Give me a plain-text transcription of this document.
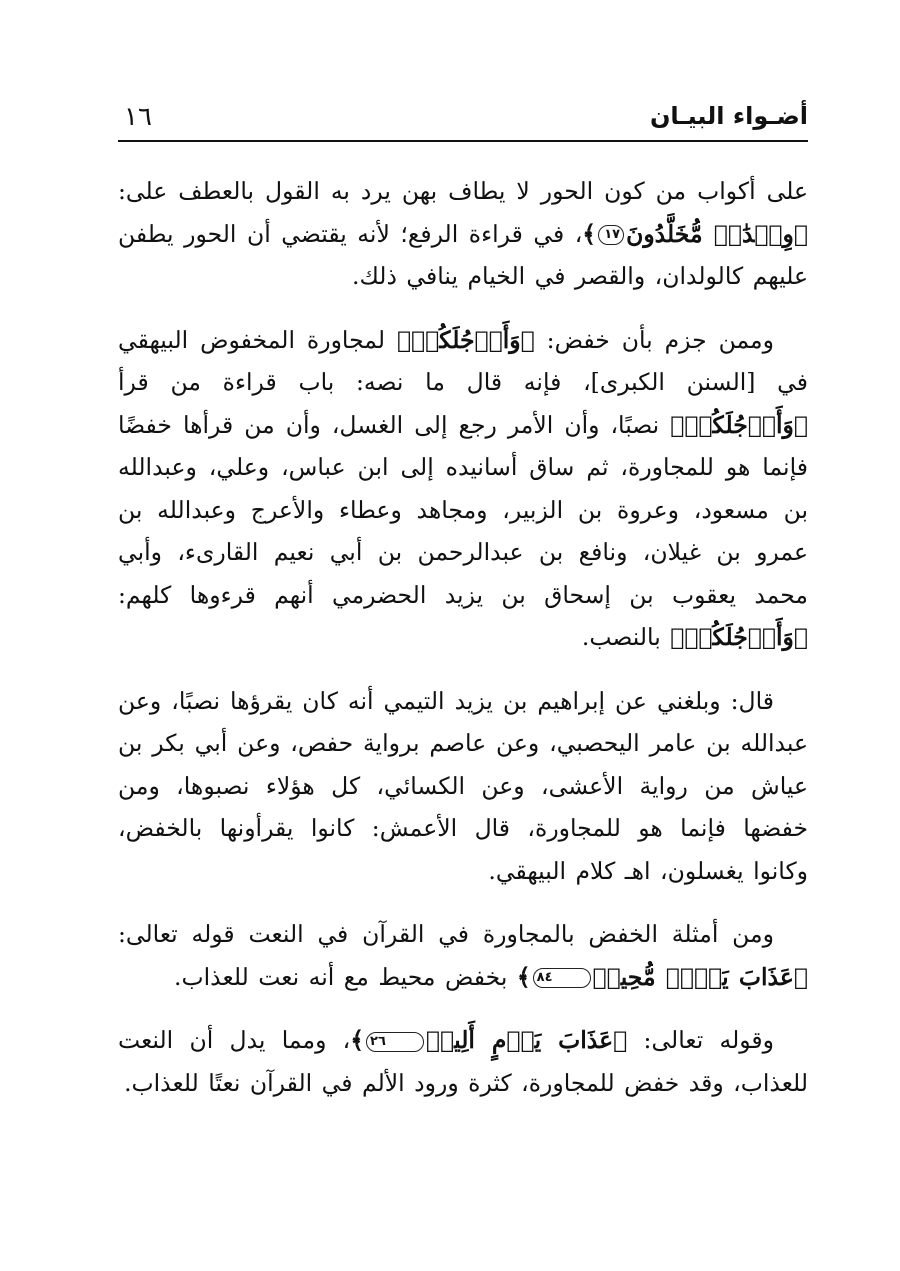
أضـواء البيـان
١٦

على أكواب من كون الحور لا يطاف بهن يرد به القول بالعطف على: ﴿وِلۡدَٰنٞ مُّخَلَّدُونَ١٧﴾، في قراءة الرفع؛ لأنه يقتضي أن الحور يطفن عليهم كالولدان، والقصر في الخيام ينافي ذلك.

وممن جزم بأن خفض: ﴿وَأَرۡجُلَكُمۡ﴾ لمجاورة المخفوض البيهقي في [السنن الكبرى]، فإنه قال ما نصه: باب قراءة من قرأ ﴿وَأَرۡجُلَكُمۡ﴾ نصبًا، وأن الأمر رجع إلى الغسل، وأن من قرأها خفضًا فإنما هو للمجاورة، ثم ساق أسانيده إلى ابن عباس، وعلي، وعبدالله بن مسعود، وعروة بن الزبير، ومجاهد وعطاء والأعرج وعبدالله بن عمرو بن غيلان، ونافع بن عبدالرحمن بن أبي نعيم القارىء، وأبي محمد يعقوب بن إسحاق بن يزيد الحضرمي أنهم قرءوها كلهم: ﴿وَأَرۡجُلَكُمۡ﴾ بالنصب.

قال: وبلغني عن إبراهيم بن يزيد التيمي أنه كان يقرؤها نصبًا، وعن عبدالله بن عامر اليحصبي، وعن عاصم برواية حفص، وعن أبي بكر بن عياش من رواية الأعشى، وعن الكسائي، كل هؤلاء نصبوها، ومن خفضها فإنما هو للمجاورة، قال الأعمش: كانوا يقرأونها بالخفض، وكانوا يغسلون، اهـ كلام البيهقي.

ومن أمثلة الخفض بالمجاورة في القرآن في النعت قوله تعالى: ﴿عَذَابَ يَوۡمٖ مُّحِيطٖ٨٤﴾ بخفض محيط مع أنه نعت للعذاب.

وقوله تعالى: ﴿عَذَابَ يَوۡمٍ أَلِيمٖ٢٦﴾، ومما يدل أن النعت للعذاب، وقد خفض للمجاورة، كثرة ورود الألم في القرآن نعتًا للعذاب.
